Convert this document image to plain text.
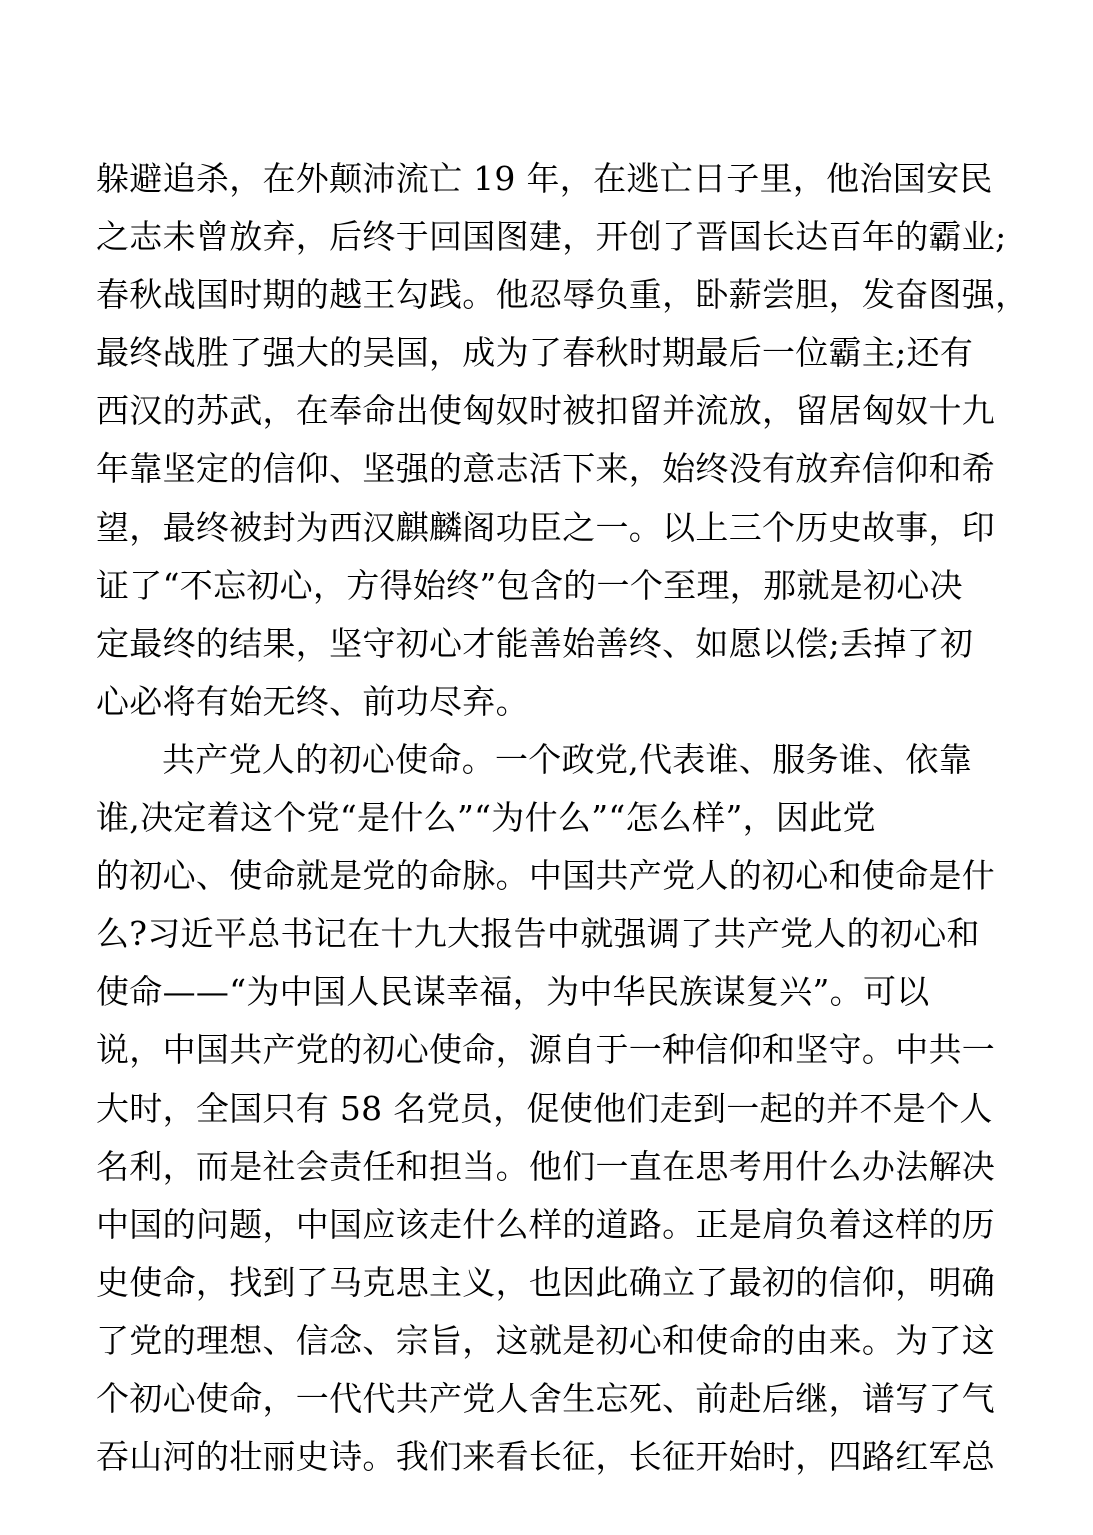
躲避追杀，在外颠沛流亡 19 年，在逃亡日子里，他治国安民
之志未曾放弃，后终于回国图建，开创了晋国长达百年的霸业;
春秋战国时期的越王勾践。他忍辱负重，卧薪尝胆，发奋图强，
最终战胜了强大的吴国，成为了春秋时期最后一位霸主;还有
西汉的苏武，在奉命出使匈奴时被扣留并流放，留居匈奴十九
年靠坚定的信仰、坚强的意志活下来，始终没有放弃信仰和希
望，最终被封为西汉麒麟阁功臣之一。以上三个历史故事，印
证了“不忘初心，方得始终”包含的一个至理，那就是初心决
定最终的结果，坚守初心才能善始善终、如愿以偿;丢掉了初
心必将有始无终、前功尽弃。
共产党人的初心使命。一个政党,代表谁、服务谁、依靠
谁,决定着这个党“是什么”“为什么”“怎么样”，因此党
的初心、使命就是党的命脉。中国共产党人的初心和使命是什
么?习近平总书记在十九大报告中就强调了共产党人的初心和
使命——“为中国人民谋幸福，为中华民族谋复兴”。可以
说，中国共产党的初心使命，源自于一种信仰和坚守。中共一
大时，全国只有 58 名党员，促使他们走到一起的并不是个人
名利，而是社会责任和担当。他们一直在思考用什么办法解决
中国的问题，中国应该走什么样的道路。正是肩负着这样的历
史使命，找到了马克思主义，也因此确立了最初的信仰，明确
了党的理想、信念、宗旨，这就是初心和使命的由来。为了这
个初心使命，一代代共产党人舍生忘死、前赴后继，谱写了气
吞山河的壮丽史诗。我们来看长征，长征开始时，四路红军总
